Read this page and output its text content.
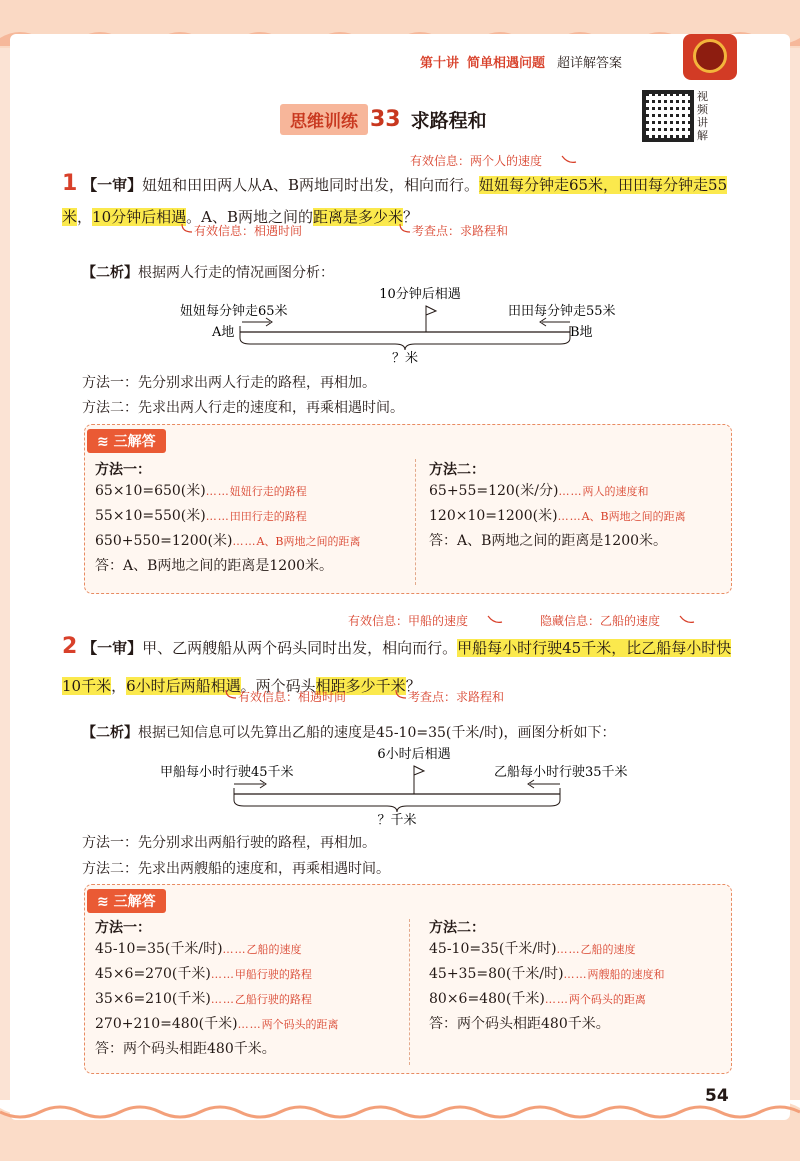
第十讲 简单相遇问题 超详解答案
思维训练 33 求路程和
视频讲解
有效信息：两个人的速度
1 【一审】妞妞和田田两人从A、B两地同时出发，相向而行。妞妞每分钟走65米，田田每分钟走55米，10分钟后相遇。A、B两地之间的距离是多少米？
有效信息：相遇时间	考查点：求路程和
【二析】根据两人行走的情况画图分析：
10分钟后相遇
妞妞每分钟走65米	田田每分钟走55米
A地	B地
？米
方法一：先分别求出两人行走的路程，再相加。
方法二：先求出两人行走的速度和，再乘相遇时间。
≋ 三解答
方法一：
65×10=650(米)……妞妞行走的路程
55×10=550(米)……田田行走的路程
650+550=1200(米)……A、B两地之间的距离
答：A、B两地之间的距离是1200米。
方法二：
65+55=120(米/分)……两人的速度和
120×10=1200(米)……A、B两地之间的距离
答：A、B两地之间的距离是1200米。
有效信息：甲船的速度	隐藏信息：乙船的速度
2 【一审】甲、乙两艘船从两个码头同时出发，相向而行。甲船每小时行驶45千米，比乙船每小时快10千米，6小时后两船相遇。两个码头相距多少千米？
有效信息：相遇时间	考查点：求路程和
【二析】根据已知信息可以先算出乙船的速度是45-10=35(千米/时)，画图分析如下：
6小时后相遇
甲船每小时行驶45千米	乙船每小时行驶35千米
？千米
方法一：先分别求出两船行驶的路程，再相加。
方法二：先求出两艘船的速度和，再乘相遇时间。
≋ 三解答
方法一：
45-10=35(千米/时)……乙船的速度
45×6=270(千米)……甲船行驶的路程
35×6=210(千米)……乙船行驶的路程
270+210=480(千米)……两个码头的距离
答：两个码头相距480千米。
方法二：
45-10=35(千米/时)……乙船的速度
45+35=80(千米/时)……两艘船的速度和
80×6=480(千米)……两个码头的距离
答：两个码头相距480千米。
54
